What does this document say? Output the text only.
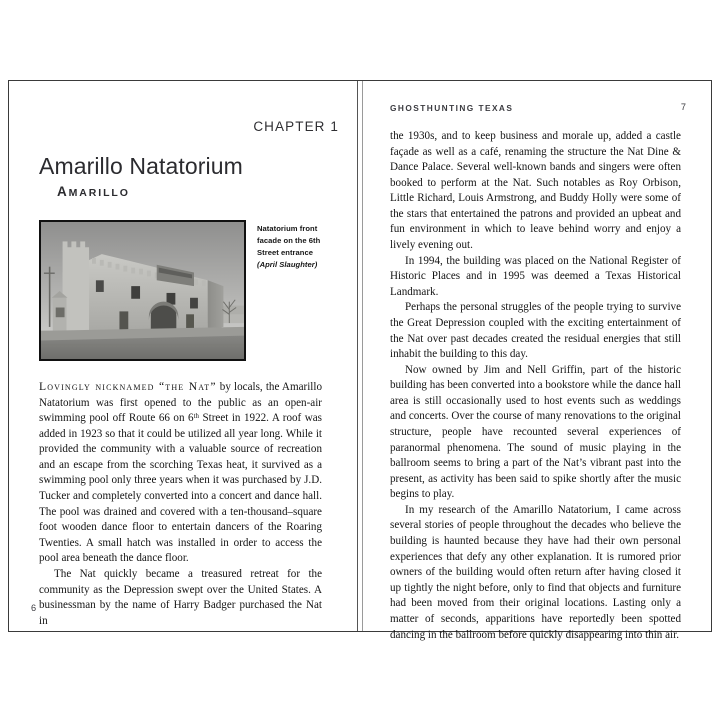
CHAPTER 1
Amarillo Natatorium
AMARILLO
Natatorium front facade on the 6th Street entrance
(April Slaughter)

Lovingly nicknamed “the Nat” by locals, the Amarillo Natatorium was first opened to the public as an open-air swimming pool off Route 66 on 6th Street in 1922. A roof was added in 1923 so that it could be utilized all year long. While it provided the community with a valuable source of recreation and an escape from the scorching Texas heat, it survived as a swimming pool only three years when it was purchased by J.D. Tucker and completely converted into a concert and dance hall. The pool was drained and covered with a ten-thousand–square foot wooden dance floor to entertain dancers of the Roaring Twenties. A small hatch was installed in order to access the pool area beneath the dance floor.

The Nat quickly became a treasured retreat for the community as the Depression swept over the United States. A businessman by the name of Harry Badger purchased the Nat in

6
GHOSTHUNTING TEXAS	7

the 1930s, and to keep business and morale up, added a castle façade as well as a café, renaming the structure the Nat Dine & Dance Palace. Several well-known bands and singers were often booked to perform at the Nat. Such notables as Roy Orbison, Little Richard, Louis Armstrong, and Buddy Holly were some of the stars that entertained the patrons and provided an upbeat and fun environment in which to leave behind worry and enjoy a lively evening out.

In 1994, the building was placed on the National Register of Historic Places and in 1995 was deemed a Texas Historical Landmark.

Perhaps the personal struggles of the people trying to survive the Great Depression coupled with the exciting entertainment of the Nat over past decades created the residual energies that still inhabit the building to this day.

Now owned by Jim and Nell Griffin, part of the historic building has been converted into a bookstore while the dance hall area is still occasionally used to host events such as weddings and concerts. Over the course of many renovations to the original structure, people have recounted several experiences of paranormal phenomena. The sound of music playing in the ballroom seems to bring a part of the Nat’s vibrant past into the present, as activity has been said to spike shortly after the music begins to play.

In my research of the Amarillo Natatorium, I came across several stories of people throughout the decades who believe the building is haunted because they have had their own personal experiences that defy any other explanation. It is rumored prior owners of the building would often return after having closed it up tightly the night before, only to find that objects and furniture had been moved from their original locations. Lasting only a matter of seconds, apparitions have reportedly been spotted dancing in the ballroom before quickly disappearing into thin air.
